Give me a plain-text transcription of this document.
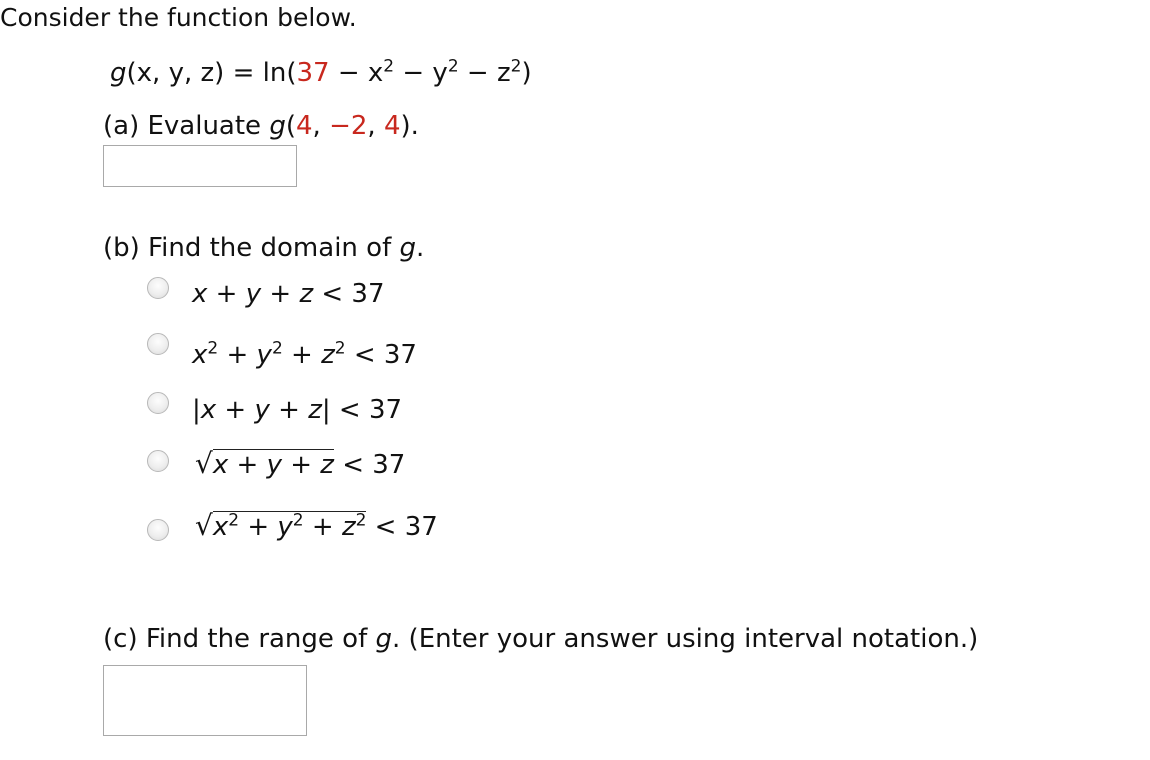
Consider the function below.
g(x, y, $z) = \ln(37 - x^2 - y^2 - z^2)$
(a) Evaluate g(4, −2, 4).
(b) Find the domain of g.
x + y + z < 37
$x^2 + y^2 + z^2 < 37$
|x + y + z| < 37
√x + y + z < 37
$√x^2 + y^2 + z^2 < 37$
(c) Find the range of g. (Enter your answer using interval notation.)
